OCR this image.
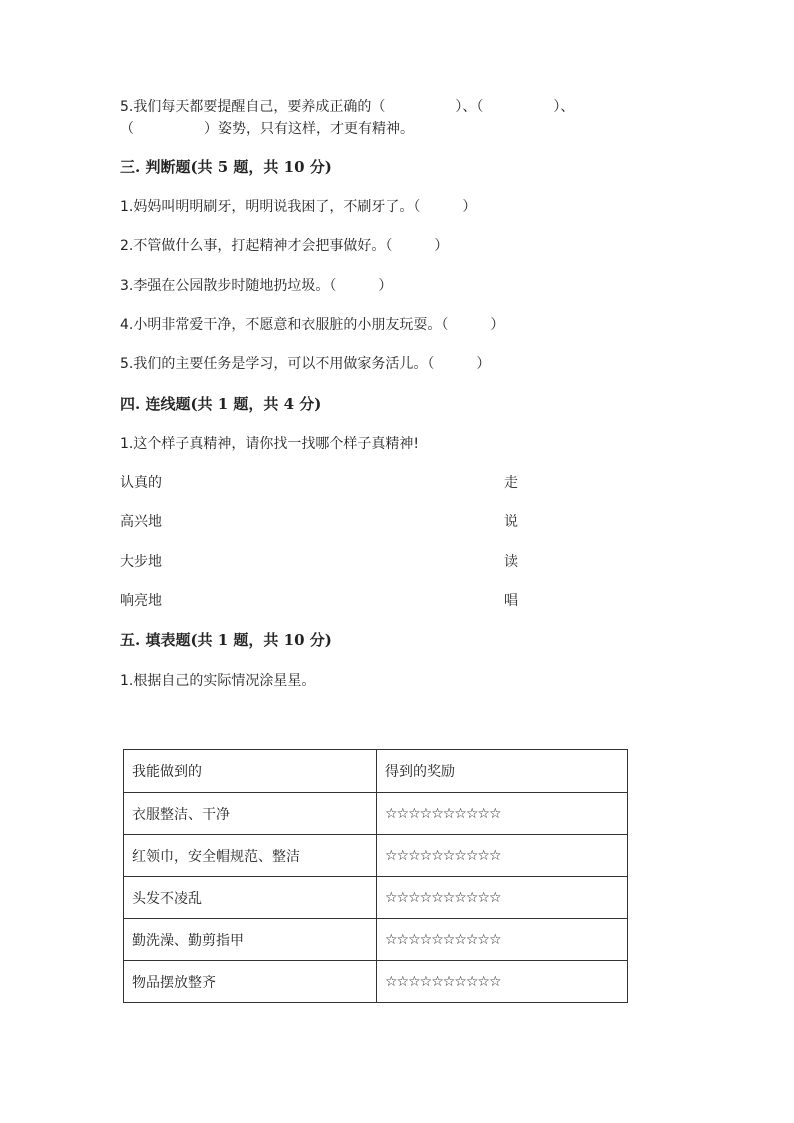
5.我们每天都要提醒自己，要养成正确的（　　　　　）、（　　　　　）、
（　　　　　）姿势，只有这样，才更有精神。
三. 判断题(共 5 题，共 10 分)
1.妈妈叫明明刷牙，明明说我困了，不刷牙了。（　　　）
2.不管做什么事，打起精神才会把事做好。（　　　）
3.李强在公园散步时随地扔垃圾。（　　　）
4.小明非常爱干净，不愿意和衣服脏的小朋友玩耍。（　　　）
5.我们的主要任务是学习，可以不用做家务活儿。（　　　）
四. 连线题(共 1 题，共 4 分)
1.这个样子真精神，请你找一找哪个样子真精神!
认真的	走
高兴地	说
大步地	读
响亮地	唱
五. 填表题(共 1 题，共 10 分)
1.根据自己的实际情况涂星星。
我能做到的	得到的奖励
衣服整洁、干净	☆☆☆☆☆☆☆☆☆☆
红领巾，安全帽规范、整洁	☆☆☆☆☆☆☆☆☆☆
头发不凌乱	☆☆☆☆☆☆☆☆☆☆
勤洗澡、勤剪指甲	☆☆☆☆☆☆☆☆☆☆
物品摆放整齐	☆☆☆☆☆☆☆☆☆☆
